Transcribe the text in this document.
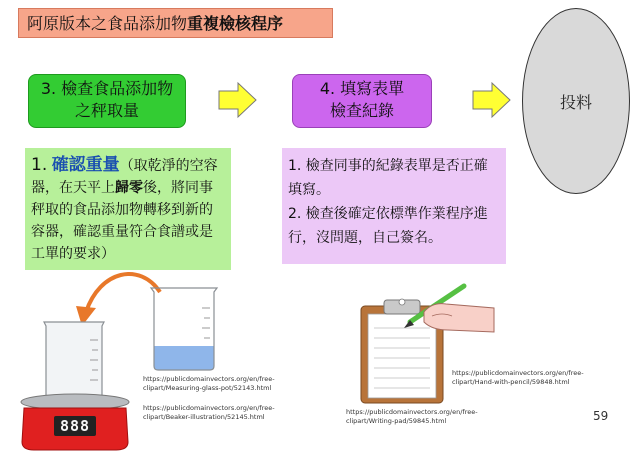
阿原版本之食品添加物重複檢核程序
3. 檢查食品添加物
之秤取量
4. 填寫表單
檢查紀錄	投料
1. 確認重量（取乾淨的空容器，在天平上歸零後，將同事秤取的食品添加物轉移到新的容器，確認重量符合食譜或是工單的要求）
1. 檢查同事的紀錄表單是否正確填寫。
2. 檢查後確定依標準作業程序進行，沒問題，自己簽名。
888
https://publicdomainvectors.org/en/free-clipart/Measuring-glass-pot/52143.html
https://publicdomainvectors.org/en/free-clipart/Beaker-illustration/52145.html
https://publicdomainvectors.org/en/free-clipart/Writing-pad/59845.html
https://publicdomainvectors.org/en/free-clipart/Hand-with-pencil/59848.html
59
